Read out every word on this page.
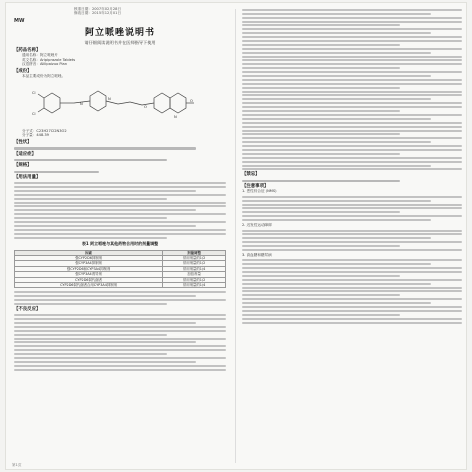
MW
核准日期：2007年02月28日
修改日期：2015年12月01日
阿立哌唑说明书
请仔细阅读说明书并在医师指导下使用
【药品名称】
通用名称：阿立哌唑片
英文名称：Aripiprazole Tablets
汉语拼音：Alilipaizuo Pian
【成份】
本品主要成份为阿立哌唑。
Cl
Cl
N
N
O
O
N
分子式：C23H27Cl2N3O2
分子量：448.39
【性状】
【适应症】
【规格】
【用法用量】
表1 阿立哌唑与其他药物合用时的剂量调整
因素	剂量调整
强CYP2D6抑制剂	常用剂量的1/2
强CYP3A4抑制剂	常用剂量的1/2
强CYP2D6和CYP3A4抑制剂	常用剂量的1/4
强CYP3A4诱导剂	加倍剂量
CYP2D6弱代谢者	常用剂量的1/2
CYP2D6弱代谢者合用CYP3A4抑制剂	常用剂量的1/4
【不良反应】
【禁忌】
【注意事项】
1. 恶性综合征 (NMS)
2. 迟发性运动障碍
3. 高血糖和糖尿病
第1页
